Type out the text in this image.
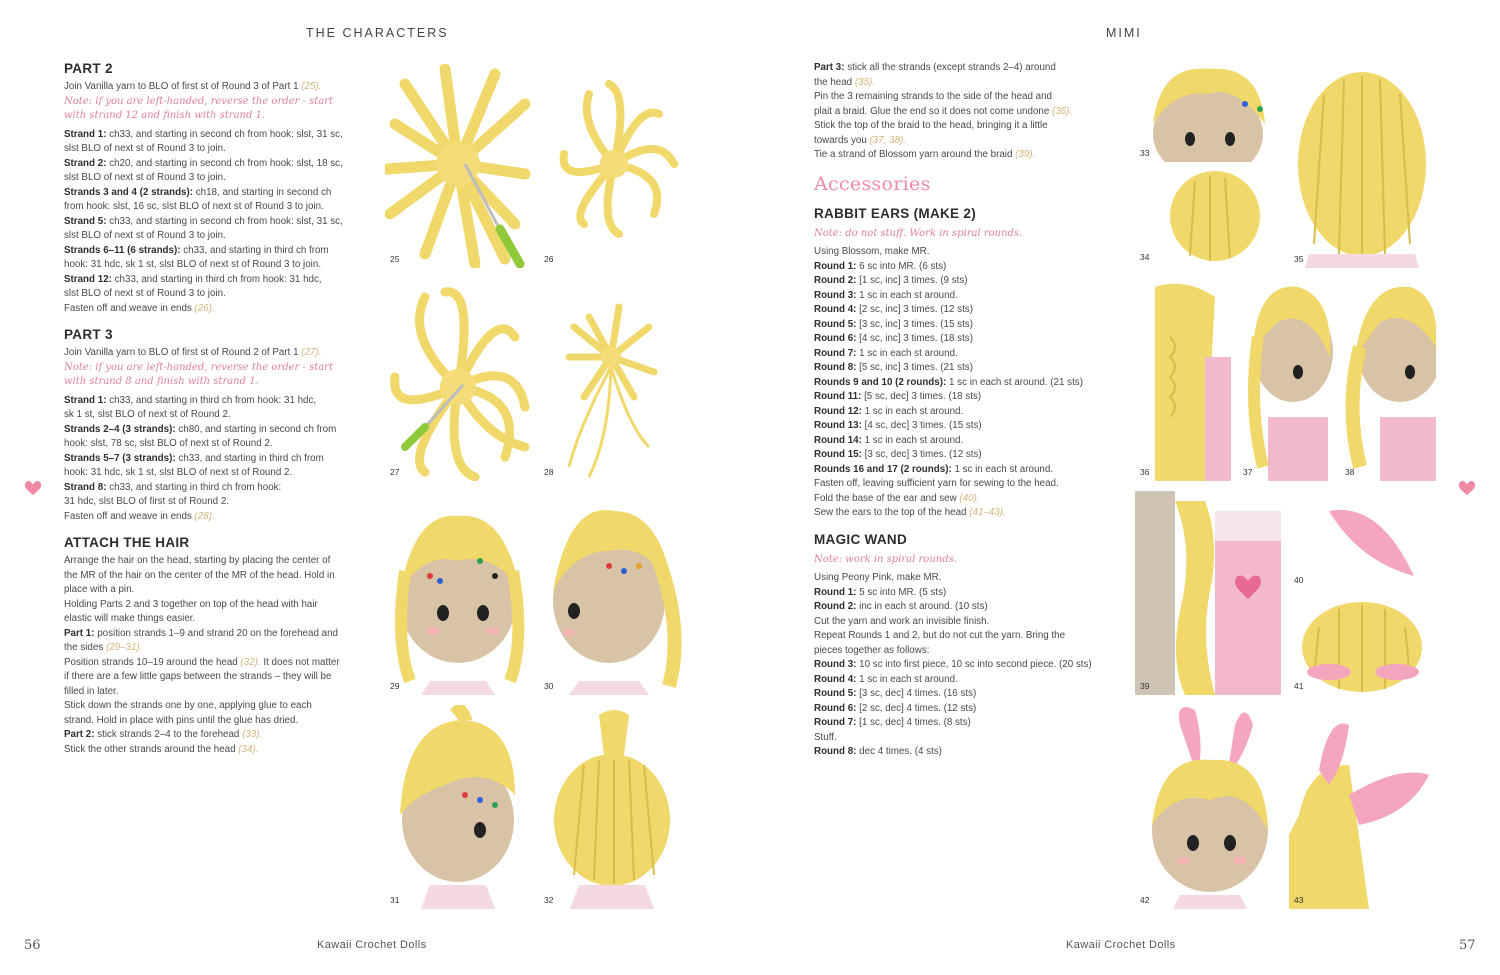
THE CHARACTERS	MIMI
PART 2

Join Vanilla yarn to BLO of first st of Round 3 of Part 1 (25).

Note: if you are left-handed, reverse the order - start
with strand 12 and finish with strand 1.

Strand 1: ch33, and starting in second ch from hook: slst, 31 sc,

slst BLO of next st of Round 3 to join.

Strand 2: ch20, and starting in second ch from hook: slst, 18 sc,

slst BLO of next st of Round 3 to join.

Strands 3 and 4 (2 strands): ch18, and starting in second ch

from hook: slst, 16 sc, slst BLO of next st of Round 3 to join.

Strand 5: ch33, and starting in second ch from hook: slst, 31 sc,

slst BLO of next st of Round 3 to join.

Strands 6–11 (6 strands): ch33, and starting in third ch from

hook: 31 hdc, sk 1 st, slst BLO of next st of Round 3 to join.

Strand 12: ch33, and starting in third ch from hook: 31 hdc,

slst BLO of next st of Round 3 to join.

Fasten off and weave in ends (26).

PART 3

Join Vanilla yarn to BLO of first st of Round 2 of Part 1 (27).

Note: if you are left-handed, reverse the order - start
with strand 8 and finish with strand 1.

Strand 1: ch33, and starting in third ch from hook: 31 hdc,

sk 1 st, slst BLO of next st of Round 2.

Strands 2–4 (3 strands): ch80, and starting in second ch from

hook: slst, 78 sc, slst BLO of next st of Round 2.

Strands 5–7 (3 strands): ch33, and starting in third ch from

hook: 31 hdc, sk 1 st, slst BLO of next st of Round 2.

Strand 8: ch33, and starting in third ch from hook:

31 hdc, slst BLO of first st of Round 2.

Fasten off and weave in ends (28).

ATTACH THE HAIR

Arrange the hair on the head, starting by placing the center of

the MR of the hair on the center of the MR of the head. Hold in

place with a pin.

Holding Parts 2 and 3 together on top of the head with hair

elastic will make things easier.

Part 1: position strands 1–9 and strand 20 on the forehead and

the sides (29–31).

Position strands 10–19 around the head (32). It does not matter

if there are a few little gaps between the strands – they will be

filled in later.

Stick down the strands one by one, applying glue to each

strand. Hold in place with pins until the glue has dried.

Part 2: stick strands 2–4 to the forehead (33).

Stick the other strands around the head (34).

Part 3: stick all the strands (except strands 2–4) around

the head (35).

Pin the 3 remaining strands to the side of the head and

plait a braid. Glue the end so it does not come undone (36).

Stick the top of the braid to the head, bringing it a little

towards you (37, 38).

Tie a strand of Blossom yarn around the braid (39).

Accessories
RABBIT EARS (MAKE 2)

Note: do not stuff. Work in spiral rounds.

Using Blossom, make MR.

Round 1: 6 sc into MR. (6 sts)

Round 2: [1 sc, inc] 3 times. (9 sts)

Round 3: 1 sc in each st around.

Round 4: [2 sc, inc] 3 times. (12 sts)

Round 5: [3 sc, inc] 3 times. (15 sts)

Round 6: [4 sc, inc] 3 times. (18 sts)

Round 7: 1 sc in each st around.

Round 8: [5 sc, inc] 3 times. (21 sts)

Rounds 9 and 10 (2 rounds): 1 sc in each st around. (21 sts)

Round 11: [5 sc, dec] 3 times. (18 sts)

Round 12: 1 sc in each st around.

Round 13: [4 sc, dec] 3 times. (15 sts)

Round 14: 1 sc in each st around.

Round 15: [3 sc, dec] 3 times. (12 sts)

Rounds 16 and 17 (2 rounds): 1 sc in each st around.

Fasten off, leaving sufficient yarn for sewing to the head.

Fold the base of the ear and sew (40).

Sew the ears to the top of the head (41–43).

MAGIC WAND

Note: work in spiral rounds.

Using Peony Pink, make MR.

Round 1: 5 sc into MR. (5 sts)

Round 2: inc in each st around. (10 sts)

Cut the yarn and work an invisible finish.

Repeat Rounds 1 and 2, but do not cut the yarn. Bring the

pieces together as follows:

Round 3: 10 sc into first piece, 10 sc into second piece. (20 sts)

Round 4: 1 sc in each st around.

Round 5: [3 sc, dec] 4 times. (16 sts)

Round 6: [2 sc, dec] 4 times. (12 sts)

Round 7: [1 sc, dec] 4 times. (8 sts)

Stuff.

Round 8: dec 4 times. (4 sts)

25	26
27	28
29	30
31	32
33
34	35
36	37	38
39
40
41
42	43
56	Kawaii Crochet Dolls	Kawaii Crochet Dolls	57
